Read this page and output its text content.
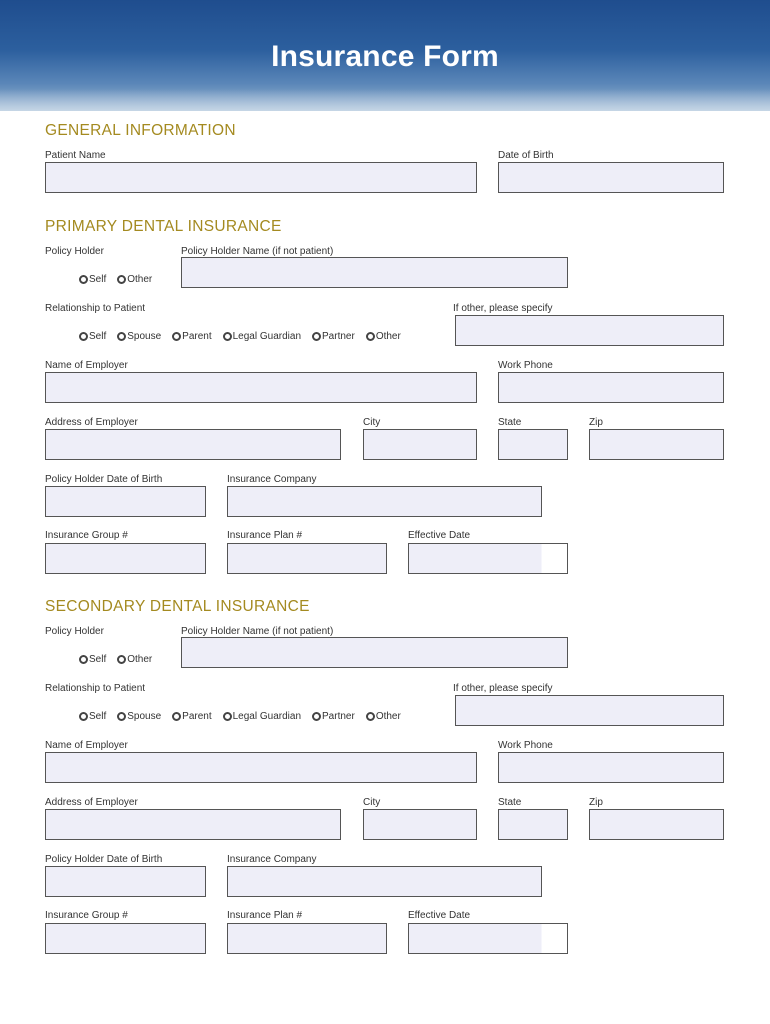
Insurance Form
GENERAL INFORMATION
Patient Name	Date of Birth
PRIMARY DENTAL INSURANCE
Policy Holder	Policy Holder Name (if not patient)
Self Other
Relationship to Patient	If other, please specify
Self Spouse Parent Legal Guardian Partner Other
Name of Employer	Work Phone
Address of Employer	City	State	Zip
Policy Holder Date of Birth	Insurance Company
Insurance Group #	Insurance Plan #	Effective Date
SECONDARY DENTAL INSURANCE
Policy Holder	Policy Holder Name (if not patient)
Self Other
Relationship to Patient	If other, please specify
Self Spouse Parent Legal Guardian Partner Other
Name of Employer	Work Phone
Address of Employer	City	State	Zip
Policy Holder Date of Birth	Insurance Company
Insurance Group #	Insurance Plan #	Effective Date
